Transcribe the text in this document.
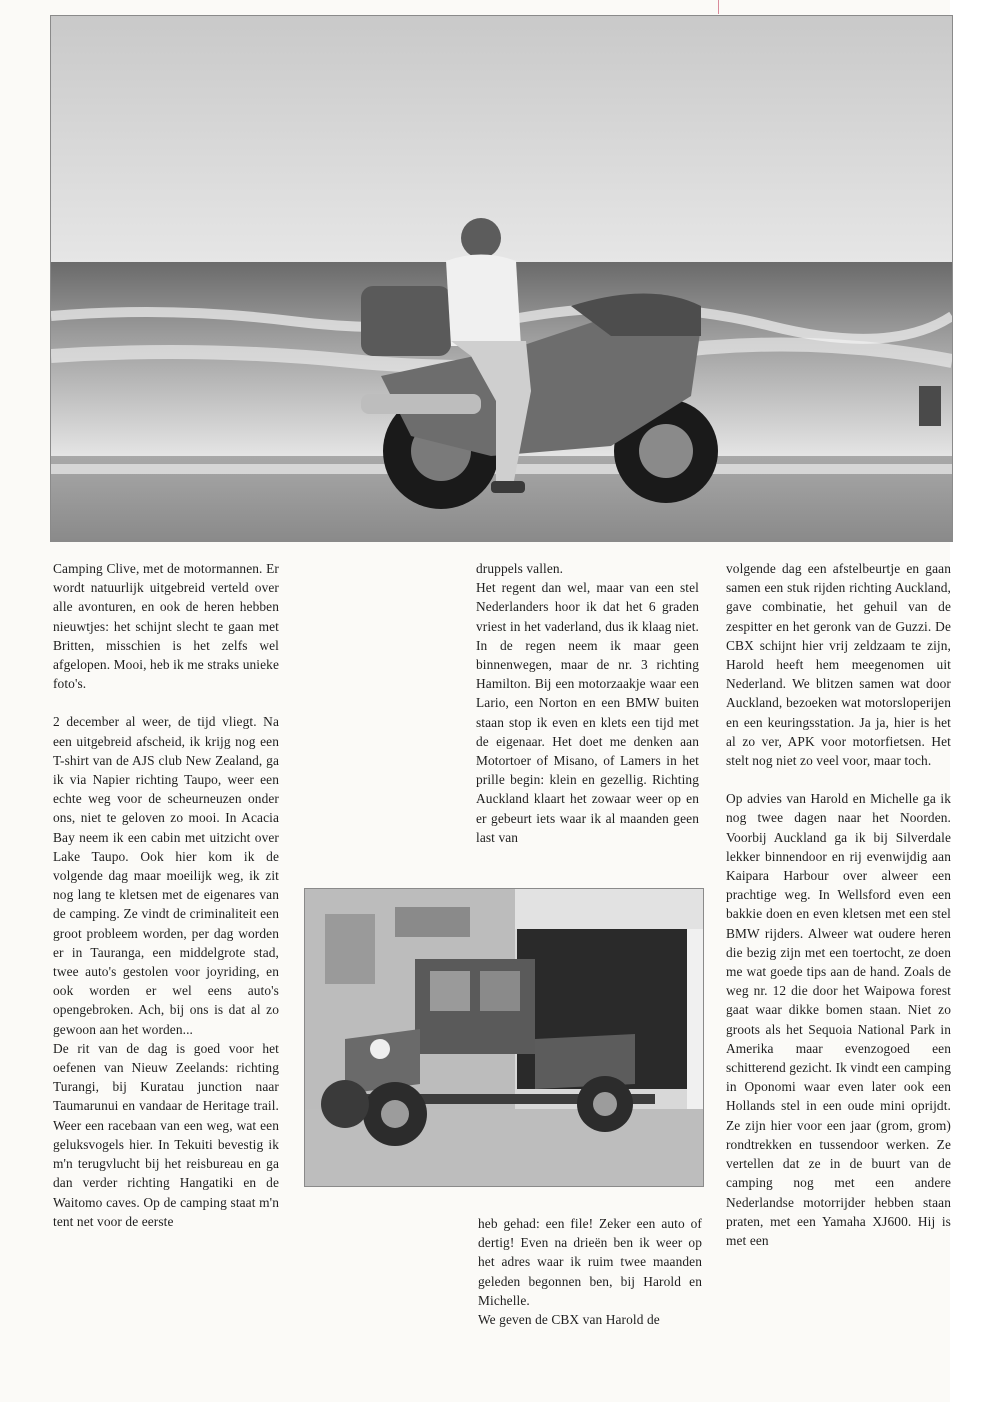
Camping Clive, met de motormannen. Er wordt natuurlijk uitgebreid verteld over alle avonturen, en ook de heren hebben nieuwtjes: het schijnt slecht te gaan met Britten, misschien is het zelfs wel afgelopen. Mooi, heb ik me straks unieke foto's.

2 december al weer, de tijd vliegt. Na een uitgebreid afscheid, ik krijg nog een T-shirt van de AJS club New Zealand, ga ik via Napier richting Taupo, weer een echte weg voor de scheurneuzen onder ons, niet te geloven zo mooi. In Acacia Bay neem ik een cabin met uitzicht over Lake Taupo. Ook hier kom ik de volgende dag maar moeilijk weg, ik zit nog lang te kletsen met de eigenares van de camping. Ze vindt de criminaliteit een groot probleem worden, per dag worden er in Tauranga, een middelgrote stad, twee auto's gestolen voor joyriding, en ook worden er wel eens auto's opengebroken. Ach, bij ons is dat al zo gewoon aan het worden...

De rit van de dag is goed voor het oefenen van Nieuw Zeelands: richting Turangi, bij Kuratau junction naar Taumarunui en vandaar de Heritage trail. Weer een racebaan van een weg, wat een geluksvogels hier. In Tekuiti bevestig ik m'n terugvlucht bij het reisbureau en ga dan verder richting Hangatiki en de Waitomo caves. Op de camping staat m'n tent net voor de eerste

druppels vallen.

Het regent dan wel, maar van een stel Nederlanders hoor ik dat het 6 graden vriest in het vaderland, dus ik klaag niet. In de regen neem ik maar geen binnenwegen, maar de nr. 3 richting Hamilton. Bij een motorzaakje waar een Lario, een Norton en een BMW buiten staan stop ik even en klets een tijd met de eigenaar. Het doet me denken aan Motortoer of Misano, of Lamers in het prille begin: klein en gezellig. Richting Auckland klaart het zowaar weer op en er gebeurt iets waar ik al maanden geen last van

heb gehad: een file! Zeker een auto of dertig! Even na drieën ben ik weer op het adres waar ik ruim twee maanden geleden begonnen ben, bij Harold en Michelle.

We geven de CBX van Harold de

volgende dag een afstelbeurtje en gaan samen een stuk rijden richting Auckland, gave combinatie, het gehuil van de zespitter en het geronk van de Guzzi. De CBX schijnt hier vrij zeldzaam te zijn, Harold heeft hem meegenomen uit Nederland. We blitzen samen wat door Auckland, bezoeken wat motorsloperijen en een keuringsstation. Ja ja, hier is het al zo ver, APK voor motorfietsen. Het stelt nog niet zo veel voor, maar toch.

Op advies van Harold en Michelle ga ik nog twee dagen naar het Noorden. Voorbij Auckland ga ik bij Silverdale lekker binnendoor en rij evenwijdig aan Kaipara Harbour over alweer een prachtige weg. In Wellsford even een bakkie doen en even kletsen met een stel BMW rijders. Alweer wat oudere heren die bezig zijn met een toertocht, ze doen me wat goede tips aan de hand. Zoals de weg nr. 12 die door het Waipowa forest gaat waar dikke bomen staan. Niet zo groots als het Sequoia National Park in Amerika maar evenzogoed een schitterend gezicht. Ik vindt een camping in Oponomi waar even later ook een Hollands stel in een oude mini oprijdt. Ze zijn hier voor een jaar (grom, grom) rondtrekken en tussendoor werken. Ze vertellen dat ze in de buurt van de camping nog met een andere Nederlandse motorrijder hebben staan praten, met een Yamaha XJ600. Hij is met een
